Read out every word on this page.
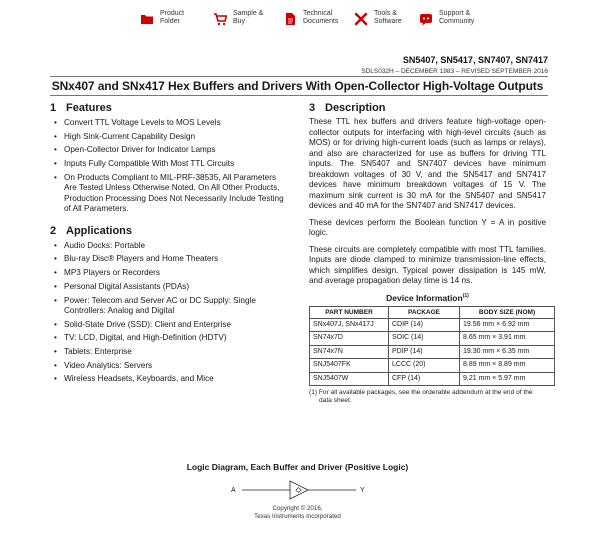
Product
Folder
Sample &
Buy
Technical
Documents
Tools &
Software
Support &
Community
SN5407, SN5417, SN7407, SN7417
SDLS032H – DECEMBER 1983 – REVISED SEPTEMBER 2016
SNx407 and SNx417 Hex Buffers and Drivers With Open-Collector High-Voltage Outputs
1 Features
• Convert TTL Voltage Levels to MOS Levels
• High Sink-Current Capability Design
• Open-Collector Driver for Indicator Lamps
• Inputs Fully Compatible With Most TTL Circuits
• On Products Compliant to MIL-PRF-38535, All Parameters Are Tested Unless Otherwise Noted. On All Other Products, Production Processing Does Not Necessarily Include Testing of All Parameters.
2 Applications
• Audio Docks: Portable
• Blu-ray Disc® Players and Home Theaters
• MP3 Players or Recorders
• Personal Digital Assistants (PDAs)
• Power: Telecom and Server AC or DC Supply: Single Controllers: Analog and Digital
• Solid-State Drive (SSD): Client and Enterprise
• TV: LCD, Digital, and High-Definition (HDTV)
• Tablets: Enterprise
• Video Analytics: Servers
• Wireless Headsets, Keyboards, and Mice
3 Description

These TTL hex buffers and drivers feature high-voltage open-collector outputs for interfacing with high-level circuits (such as MOS) or for driving high-current loads (such as lamps or relays), and also are characterized for use as buffers for driving TTL inputs. The SN5407 and SN7407 devices have minimum breakdown voltages of 30 V, and the SN5417 and SN7417 devices have minimum breakdown voltages of 15 V. The maximum sink current is 30 mA for the SN5407 and SN5417 devices and 40 mA for the SN7407 and SN7417 devices.

These devices perform the Boolean function Y = A in positive logic.

These circuits are completely compatible with most TTL families. Inputs are diode clamped to minimize transmission-line effects, which simplifies design. Typical power dissipation is 145 mW, and average propagation delay time is 14 ns.

Device Information$^{(1)}$
PART NUMBER	PACKAGE	BODY SIZE (NOM)
SNx407J, SNx417J	CDIP (14)	19.56 mm × 6.92 mm
SN74x7D	SOIC (14)	8.65 mm × 3.91 mm
SN74x7N	PDIP (14)	19.30 mm × 6.35 mm
SNJ5407FK	LCCC (20)	8.89 mm × 8.89 mm
SNJ5407W	CFP (14)	9.21 mm × 5.97 mm
(1) For all available packages, see the orderable addendum at the end of the data sheet.
Logic Diagram, Each Buffer and Driver (Positive Logic)
A	Y
Copyright © 2016,
Texas Instruments Incorporated
